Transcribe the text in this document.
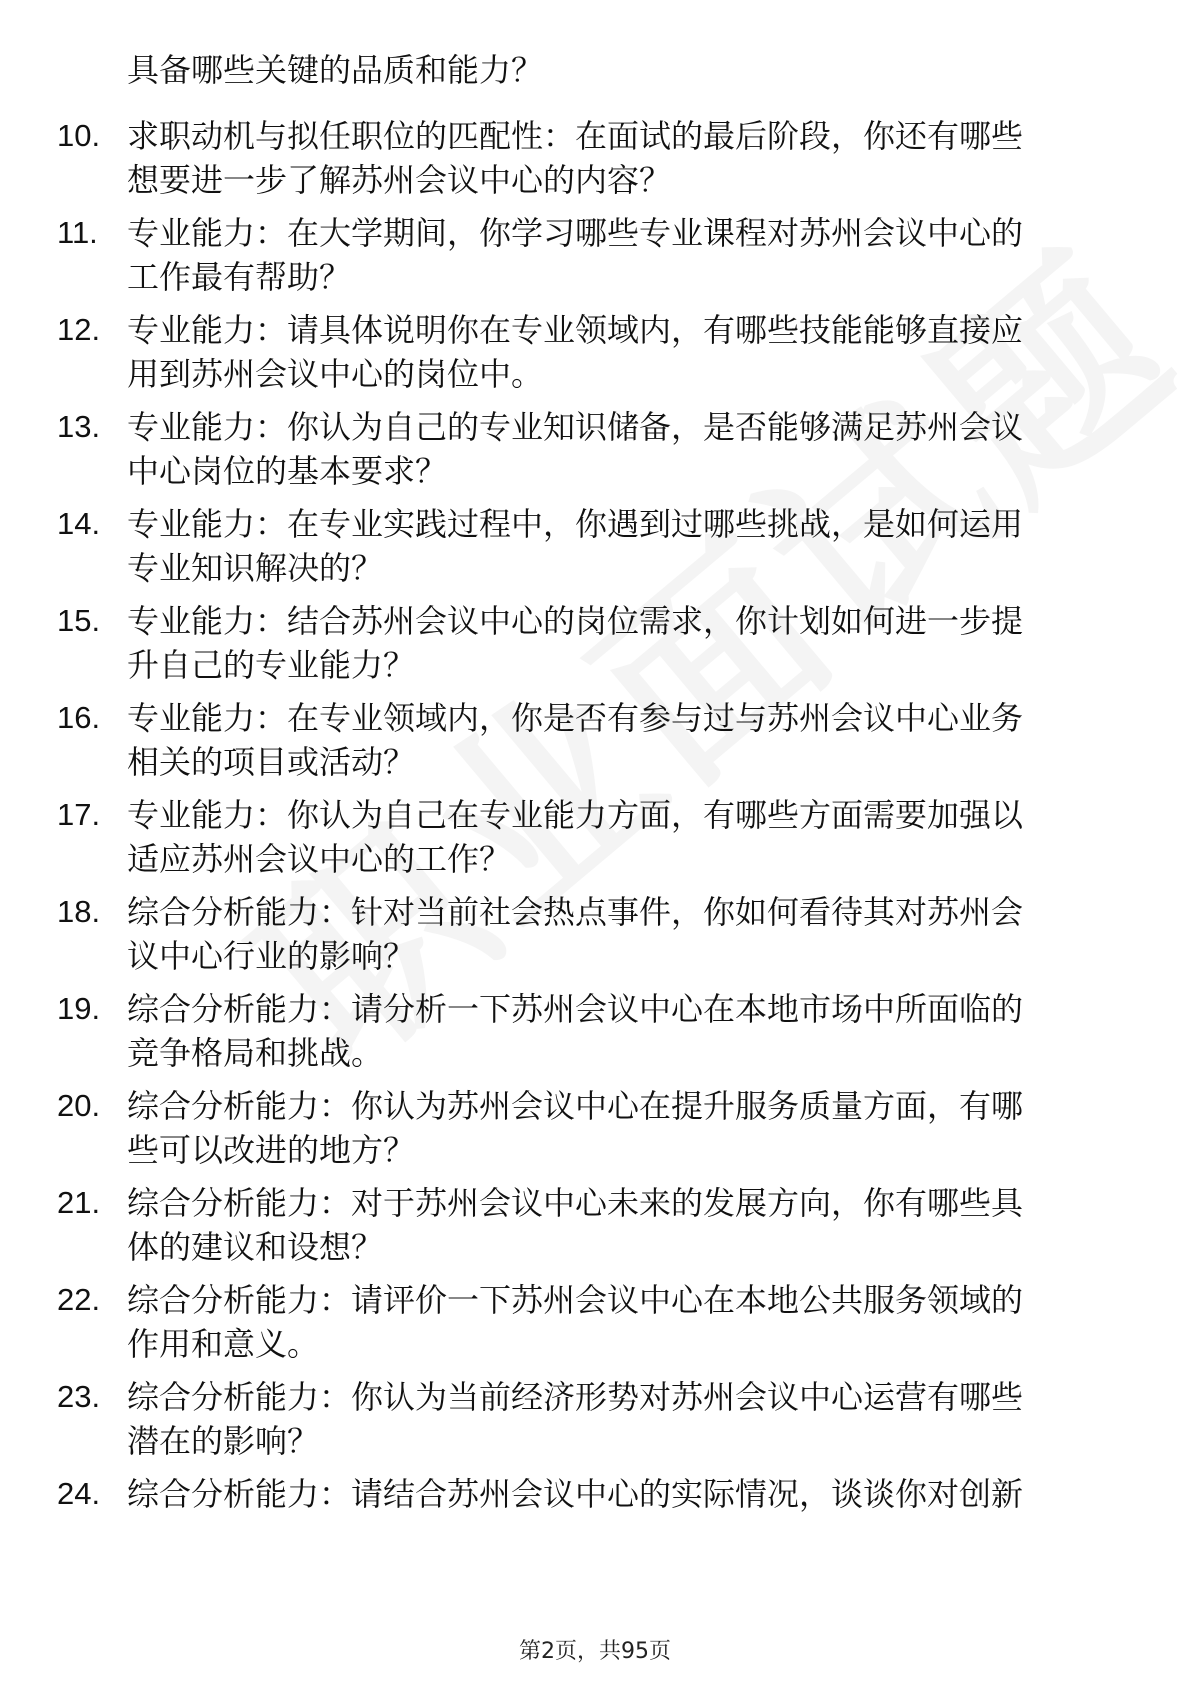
具备哪些关键的品质和能力？
10. 求职动机与拟任职位的匹配性：在面试的最后阶段，你还有哪些
想要进一步了解苏州会议中心的内容？
11. 专业能力：在大学期间，你学习哪些专业课程对苏州会议中心的
工作最有帮助？
12. 专业能力：请具体说明你在专业领域内，有哪些技能能够直接应
用到苏州会议中心的岗位中。
13. 专业能力：你认为自己的专业知识储备，是否能够满足苏州会议
中心岗位的基本要求？
14. 专业能力：在专业实践过程中，你遇到过哪些挑战，是如何运用
专业知识解决的？
15. 专业能力：结合苏州会议中心的岗位需求，你计划如何进一步提
升自己的专业能力？
16. 专业能力：在专业领域内，你是否有参与过与苏州会议中心业务
相关的项目或活动？
17. 专业能力：你认为自己在专业能力方面，有哪些方面需要加强以
适应苏州会议中心的工作？
18. 综合分析能力：针对当前社会热点事件，你如何看待其对苏州会
议中心行业的影响？
19. 综合分析能力：请分析一下苏州会议中心在本地市场中所面临的
竞争格局和挑战。
20. 综合分析能力：你认为苏州会议中心在提升服务质量方面，有哪
些可以改进的地方？
21. 综合分析能力：对于苏州会议中心未来的发展方向，你有哪些具
体的建议和设想？
22. 综合分析能力：请评价一下苏州会议中心在本地公共服务领域的
作用和意义。
23. 综合分析能力：你认为当前经济形势对苏州会议中心运营有哪些
潜在的影响？
24. 综合分析能力：请结合苏州会议中心的实际情况，谈谈你对创新
第2页，共95页
